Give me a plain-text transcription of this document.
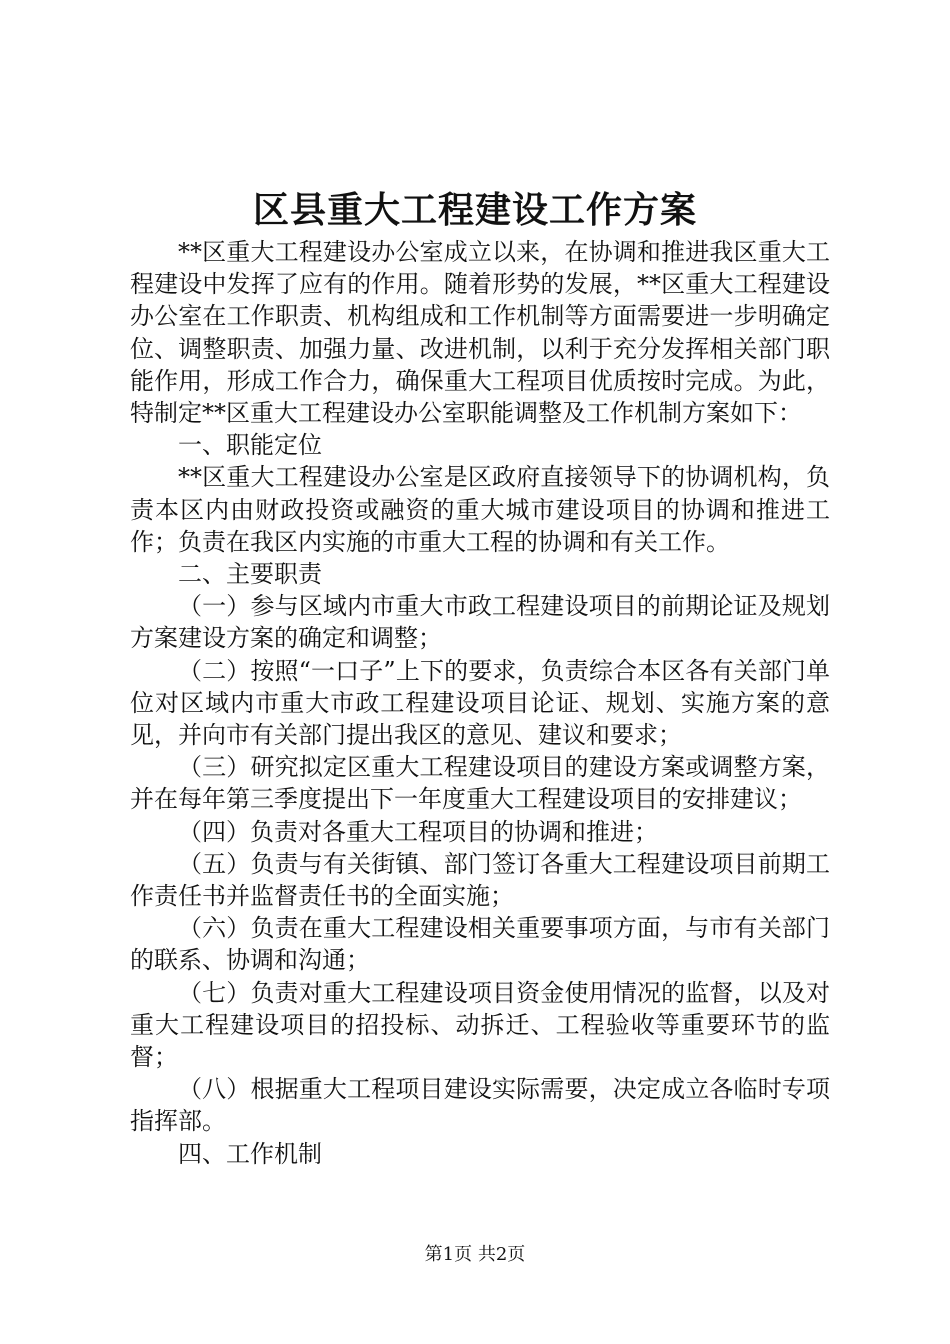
区县重大工程建设工作方案

**区重大工程建设办公室成立以来，在协调和推进我区重大工程建设中发挥了应有的作用。随着形势的发展，**区重大工程建设办公室在工作职责、机构组成和工作机制等方面需要进一步明确定位、调整职责、加强力量、改进机制，以利于充分发挥相关部门职能作用，形成工作合力，确保重大工程项目优质按时完成。为此，特制定**区重大工程建设办公室职能调整及工作机制方案如下：

一、职能定位

**区重大工程建设办公室是区政府直接领导下的协调机构，负责本区内由财政投资或融资的重大城市建设项目的协调和推进工作；负责在我区内实施的市重大工程的协调和有关工作。

二、主要职责

（一）参与区域内市重大市政工程建设项目的前期论证及规划方案建设方案的确定和调整；

（二）按照“一口子”上下的要求，负责综合本区各有关部门单位对区域内市重大市政工程建设项目论证、规划、实施方案的意见，并向市有关部门提出我区的意见、建议和要求；

（三）研究拟定区重大工程建设项目的建设方案或调整方案，并在每年第三季度提出下一年度重大工程建设项目的安排建议；

（四）负责对各重大工程项目的协调和推进；

（五）负责与有关街镇、部门签订各重大工程建设项目前期工作责任书并监督责任书的全面实施；

（六）负责在重大工程建设相关重要事项方面，与市有关部门的联系、协调和沟通；

（七）负责对重大工程建设项目资金使用情况的监督，以及对重大工程建设项目的招投标、动拆迁、工程验收等重要环节的监督；

（八）根据重大工程项目建设实际需要，决定成立各临时专项指挥部。

四、工作机制

第1页 共2页
